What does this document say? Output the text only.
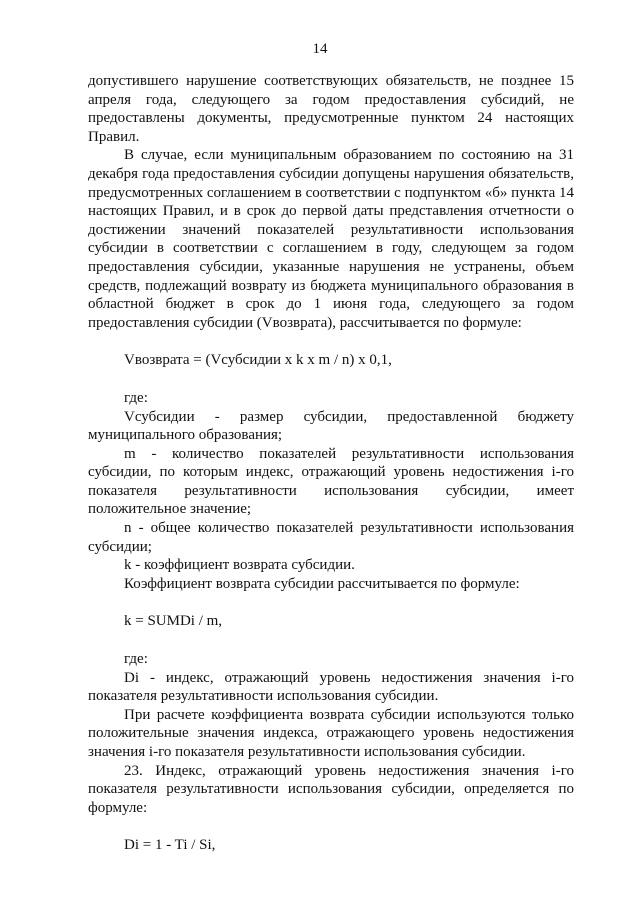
14

допустившего нарушение соответствующих обязательств, не позднее 15 апреля года, следующего за годом предоставления субсидий, не предоставлены документы, предусмотренные пунктом 24 настоящих Правил.

В случае, если муниципальным образованием по состоянию на 31 декабря года предоставления субсидии допущены нарушения обязательств, предусмотренных соглашением в соответствии с подпунктом «б» пункта 14 настоящих Правил, и в срок до первой даты представления отчетности о достижении значений показателей результативности использования субсидии в соответствии с соглашением в году, следующем за годом предоставления субсидии, указанные нарушения не устранены, объем средств, подлежащий возврату из бюджета муниципального образования в областной бюджет в срок до 1 июня года, следующего за годом предоставления субсидии (Vвозврата), рассчитывается по формуле:

Vвозврата = (Vсубсидии x k x m / n) x 0,1,

где:

Vсубсидии - размер субсидии, предоставленной бюджету муниципального образования;

m - количество показателей результативности использования субсидии, по которым индекс, отражающий уровень недостижения i-го показателя результативности использования субсидии, имеет положительное значение;

n - общее количество показателей результативности использования субсидии;

k - коэффициент возврата субсидии.

Коэффициент возврата субсидии рассчитывается по формуле:

k = SUMDi / m,

где:

Di - индекс, отражающий уровень недостижения значения i-го показателя результативности использования субсидии.

При расчете коэффициента возврата субсидии используются только положительные значения индекса, отражающего уровень недостижения значения i-го показателя результативности использования субсидии.

23. Индекс, отражающий уровень недостижения значения i-го показателя результативности использования субсидии, определяется по формуле:

Di = 1 - Ti / Si,
